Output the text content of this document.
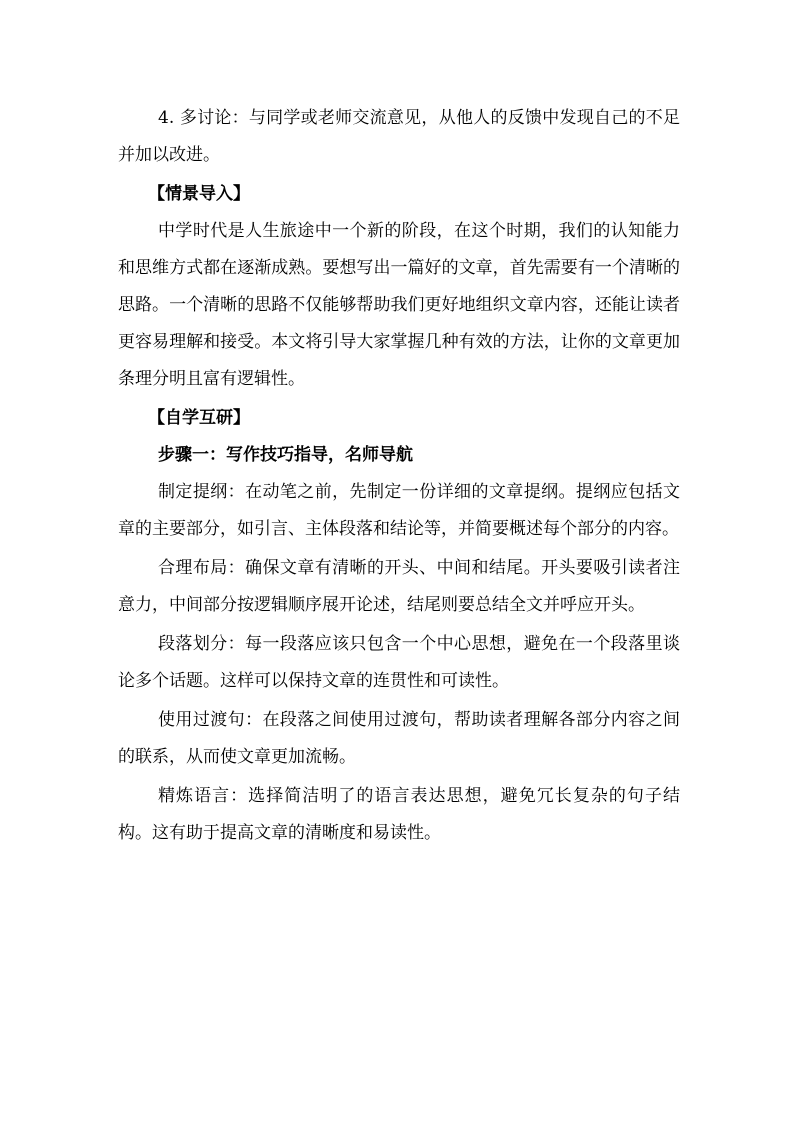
4. 多讨论：与同学或老师交流意见，从他人的反馈中发现自己的不足并加以改进。

【情景导入】

中学时代是人生旅途中一个新的阶段，在这个时期，我们的认知能力和思维方式都在逐渐成熟。要想写出一篇好的文章，首先需要有一个清晰的思路。一个清晰的思路不仅能够帮助我们更好地组织文章内容，还能让读者更容易理解和接受。本文将引导大家掌握几种有效的方法，让你的文章更加条理分明且富有逻辑性。

【自学互研】

步骤一：写作技巧指导，名师导航

制定提纲：在动笔之前，先制定一份详细的文章提纲。提纲应包括文章的主要部分，如引言、主体段落和结论等，并简要概述每个部分的内容。

合理布局：确保文章有清晰的开头、中间和结尾。开头要吸引读者注意力，中间部分按逻辑顺序展开论述，结尾则要总结全文并呼应开头。

段落划分：每一段落应该只包含一个中心思想，避免在一个段落里谈论多个话题。这样可以保持文章的连贯性和可读性。

使用过渡句：在段落之间使用过渡句，帮助读者理解各部分内容之间的联系，从而使文章更加流畅。

精炼语言：选择简洁明了的语言表达思想，避免冗长复杂的句子结构。这有助于提高文章的清晰度和易读性。
